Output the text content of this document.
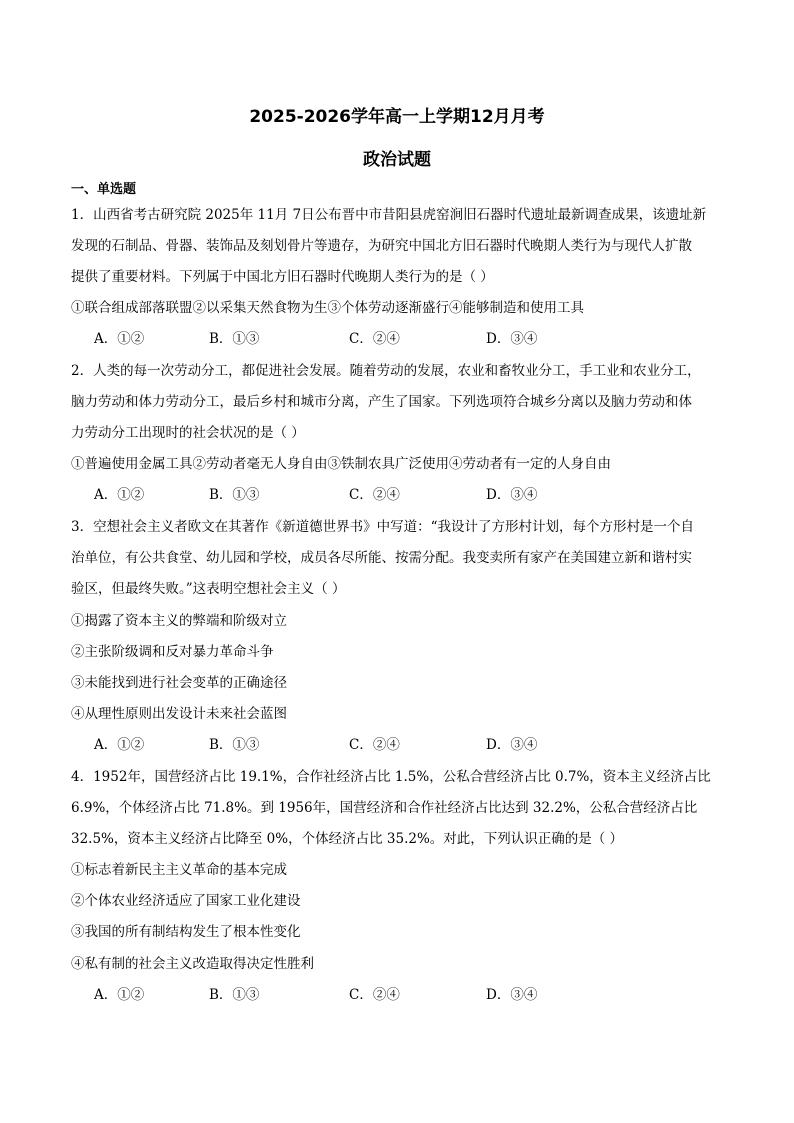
2025-2026学年高一上学期12月月考
政治试题
一、单选题
1．山西省考古研究院 2025年 11月 7日公布晋中市昔阳县虎窑涧旧石器时代遗址最新调查成果，该遗址新
发现的石制品、骨器、装饰品及刻划骨片等遗存，为研究中国北方旧石器时代晚期人类行为与现代人扩散
提供了重要材料。下列属于中国北方旧石器时代晚期人类行为的是（ ）
①联合组成部落联盟②以采集天然食物为生③个体劳动逐渐盛行④能够制造和使用工具
A．①②	B．①③	C．②④	D．③④
2．人类的每一次劳动分工，都促进社会发展。随着劳动的发展，农业和畜牧业分工，手工业和农业分工，
脑力劳动和体力劳动分工，最后乡村和城市分离，产生了国家。下列选项符合城乡分离以及脑力劳动和体
力劳动分工出现时的社会状况的是（ ）
①普遍使用金属工具②劳动者毫无人身自由③铁制农具广泛使用④劳动者有一定的人身自由
A．①②	B．①③	C．②④	D．③④
3．空想社会主义者欧文在其著作《新道德世界书》中写道：“我设计了方形村计划，每个方形村是一个自
治单位，有公共食堂、幼儿园和学校，成员各尽所能、按需分配。我变卖所有家产在美国建立新和谐村实
验区，但最终失败。”这表明空想社会主义（ ）
①揭露了资本主义的弊端和阶级对立
②主张阶级调和反对暴力革命斗争
③未能找到进行社会变革的正确途径
④从理性原则出发设计未来社会蓝图
A．①②	B．①③	C．②④	D．③④
4．1952年，国营经济占比 19.1%，合作社经济占比 1.5%，公私合营经济占比 0.7%，资本主义经济占比
6.9%，个体经济占比 71.8%。到 1956年，国营经济和合作社经济占比达到 32.2%，公私合营经济占比
32.5%，资本主义经济占比降至 0%，个体经济占比 35.2%。对此，下列认识正确的是（ ）
①标志着新民主主义革命的基本完成
②个体农业经济适应了国家工业化建设
③我国的所有制结构发生了根本性变化
④私有制的社会主义改造取得决定性胜利
A．①②	B．①③	C．②④	D．③④
